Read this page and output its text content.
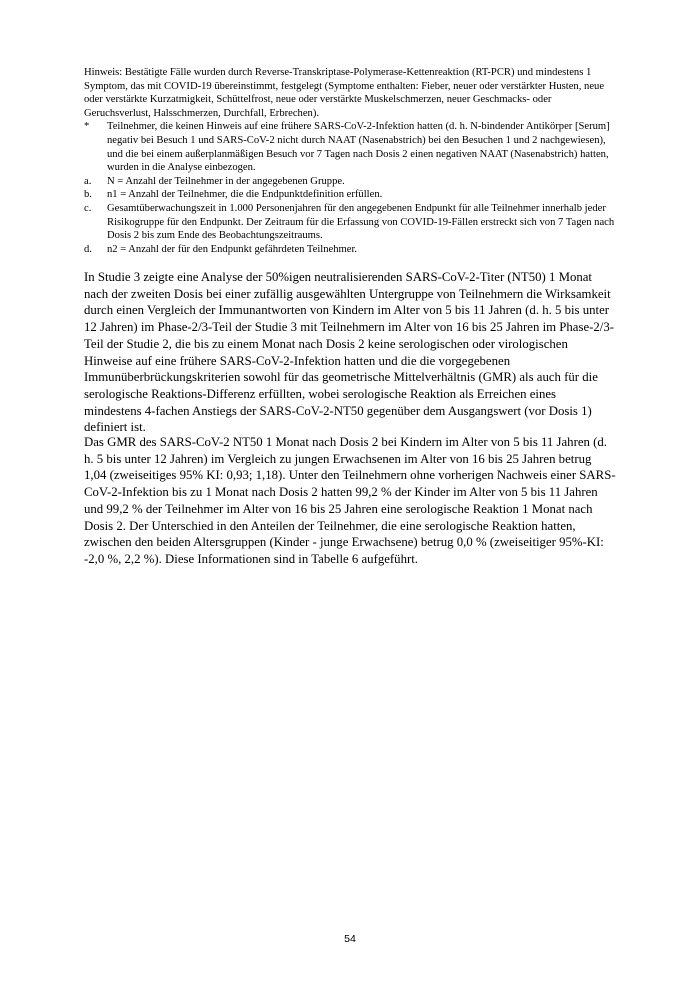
Hinweis: Bestätigte Fälle wurden durch Reverse-Transkriptase-Polymerase-Kettenreaktion (RT-PCR) und mindestens 1 Symptom, das mit COVID-19 übereinstimmt, festgelegt (Symptome enthalten: Fieber, neuer oder verstärkter Husten, neue oder verstärkte Kurzatmigkeit, Schüttelfrost, neue oder verstärkte Muskelschmerzen, neuer Geschmacks- oder Geruchsverlust, Halsschmerzen, Durchfall, Erbrechen).

*	Teilnehmer, die keinen Hinweis auf eine frühere SARS-CoV-2-Infektion hatten (d. h. N-bindender Antikörper [Serum] negativ bei Besuch 1 und SARS-CoV-2 nicht durch NAAT (Nasenabstrich) bei den Besuchen 1 und 2 nachgewiesen), und die bei einem außerplanmäßigen Besuch vor 7 Tagen nach Dosis 2 einen negativen NAAT (Nasenabstrich) hatten, wurden in die Analyse einbezogen.
a.	N = Anzahl der Teilnehmer in der angegebenen Gruppe.
b.	n1 = Anzahl der Teilnehmer, die die Endpunktdefinition erfüllen.
c.	Gesamtüberwachungszeit in 1.000 Personenjahren für den angegebenen Endpunkt für alle Teilnehmer innerhalb jeder Risikogruppe für den Endpunkt. Der Zeitraum für die Erfassung von COVID-19-Fällen erstreckt sich von 7 Tagen nach Dosis 2 bis zum Ende des Beobachtungszeitraums.
d.	n2 = Anzahl der für den Endpunkt gefährdeten Teilnehmer.

In Studie 3 zeigte eine Analyse der 50%igen neutralisierenden SARS-CoV-2-Titer (NT50) 1 Monat nach der zweiten Dosis bei einer zufällig ausgewählten Untergruppe von Teilnehmern die Wirksamkeit durch einen Vergleich der Immunantworten von Kindern im Alter von 5 bis 11 Jahren (d. h. 5 bis unter 12 Jahren) im Phase-2/3-Teil der Studie 3 mit Teilnehmern im Alter von 16 bis 25 Jahren im Phase-2/3-Teil der Studie 2, die bis zu einem Monat nach Dosis 2 keine serologischen oder virologischen Hinweise auf eine frühere SARS-CoV-2-Infektion hatten und die die vorgegebenen Immunüberbrückungskriterien sowohl für das geometrische Mittelverhältnis (GMR) als auch für die serologische Reaktions-Differenz erfüllten, wobei serologische Reaktion als Erreichen eines mindestens 4-fachen Anstiegs der SARS-CoV-2-NT50 gegenüber dem Ausgangswert (vor Dosis 1) definiert ist.

Das GMR des SARS-CoV-2 NT50 1 Monat nach Dosis 2 bei Kindern im Alter von 5 bis 11 Jahren (d. h. 5 bis unter 12 Jahren) im Vergleich zu jungen Erwachsenen im Alter von 16 bis 25 Jahren betrug 1,04 (zweiseitiges 95% KI: 0,93; 1,18). Unter den Teilnehmern ohne vorherigen Nachweis einer SARS-CoV-2-Infektion bis zu 1 Monat nach Dosis 2 hatten 99,2 % der Kinder im Alter von 5 bis 11 Jahren und 99,2 % der Teilnehmer im Alter von 16 bis 25 Jahren eine serologische Reaktion 1 Monat nach Dosis 2. Der Unterschied in den Anteilen der Teilnehmer, die eine serologische Reaktion hatten, zwischen den beiden Altersgruppen (Kinder - junge Erwachsene) betrug 0,0 % (zweiseitiger 95%-KI: -2,0 %, 2,2 %). Diese Informationen sind in Tabelle 6 aufgeführt.

54
